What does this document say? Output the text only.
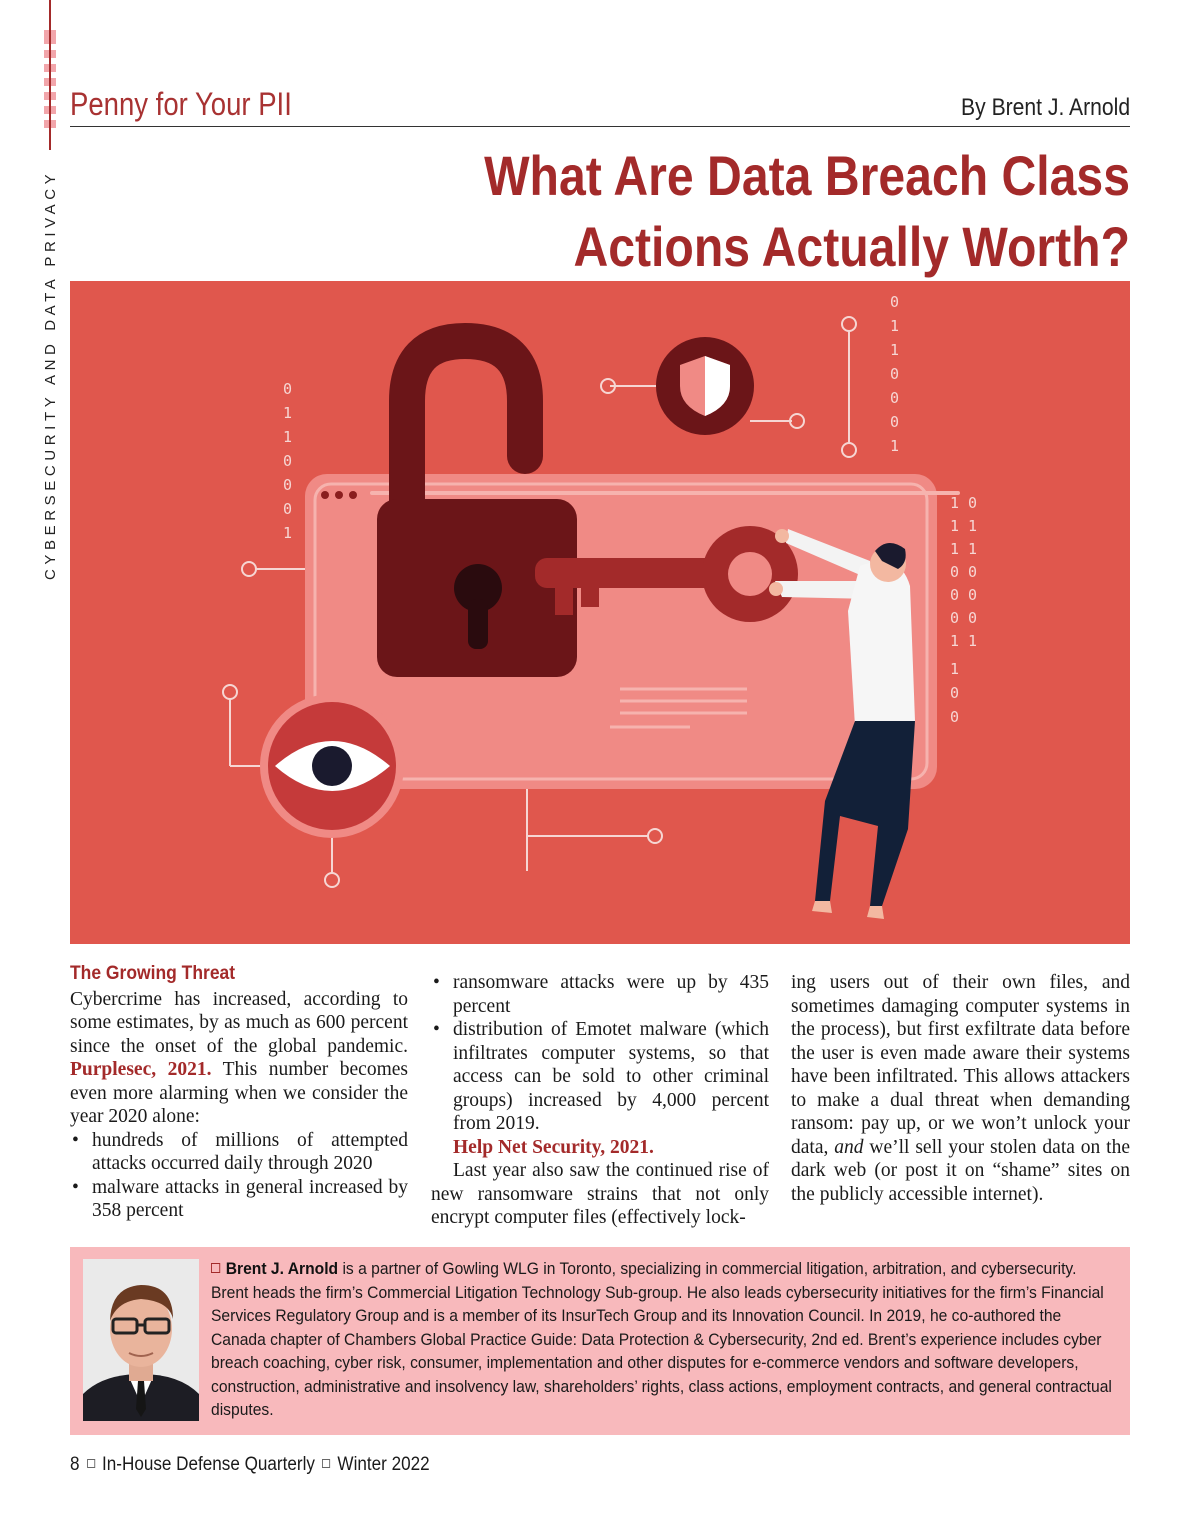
CYBERSECURITY AND DATA PRIVACY
Penny for Your PII	By Brent J. Arnold
What Are Data Breach Class
Actions Actually Worth?
0
1
1
0
0
0
1
0
1
1
0
0
0
1
1
1
1
0
0
0
1
1
0
0
0
1
1
0
0
0
1
The Growing Threat

Cybercrime has increased, according to some estimates, by as much as 600 percent since the onset of the global pandemic. Purplesec, 2021. This number becomes even more alarming when we consider the year 2020 alone:

• hundreds of millions of attempted attacks occurred daily through 2020
• malware attacks in general increased by 358 percent
• ransomware attacks were up by 435 percent
• distribution of Emotet malware (which infiltrates computer systems, so that access can be sold to other criminal groups) increased by 4,000 percent from 2019.

Help Net Security, 2021.

Last year also saw the continued rise of new ransomware strains that not only encrypt computer files (effectively lock-

ing users out of their own files, and sometimes damaging computer systems in the process), but first exfiltrate data before the user is even made aware their systems have been infiltrated. This allows attackers to make a dual threat when demanding ransom: pay up, or we won’t unlock your data, and we’ll sell your stolen data on the dark web (or post it on “shame” sites on the publicly accessible internet).

Brent J. Arnold is a partner of Gowling WLG in Toronto, specializing in commercial litigation, arbitration, and cybersecurity. Brent heads the firm’s Commercial Litigation Technology Sub-group. He also leads cybersecurity initiatives for the firm’s Financial Services Regulatory Group and is a member of its InsurTech Group and its Innovation Council. In 2019, he co-authored the Canada chapter of Chambers Global Practice Guide: Data Protection & Cybersecurity, 2nd ed. Brent’s experience includes cyber breach coaching, cyber risk, consumer, implementation and other disputes for e-commerce vendors and software developers, construction, administrative and insolvency law, shareholders’ rights, class actions, employment contracts, and general contractual disputes.
8 In-House Defense Quarterly Winter 2022
